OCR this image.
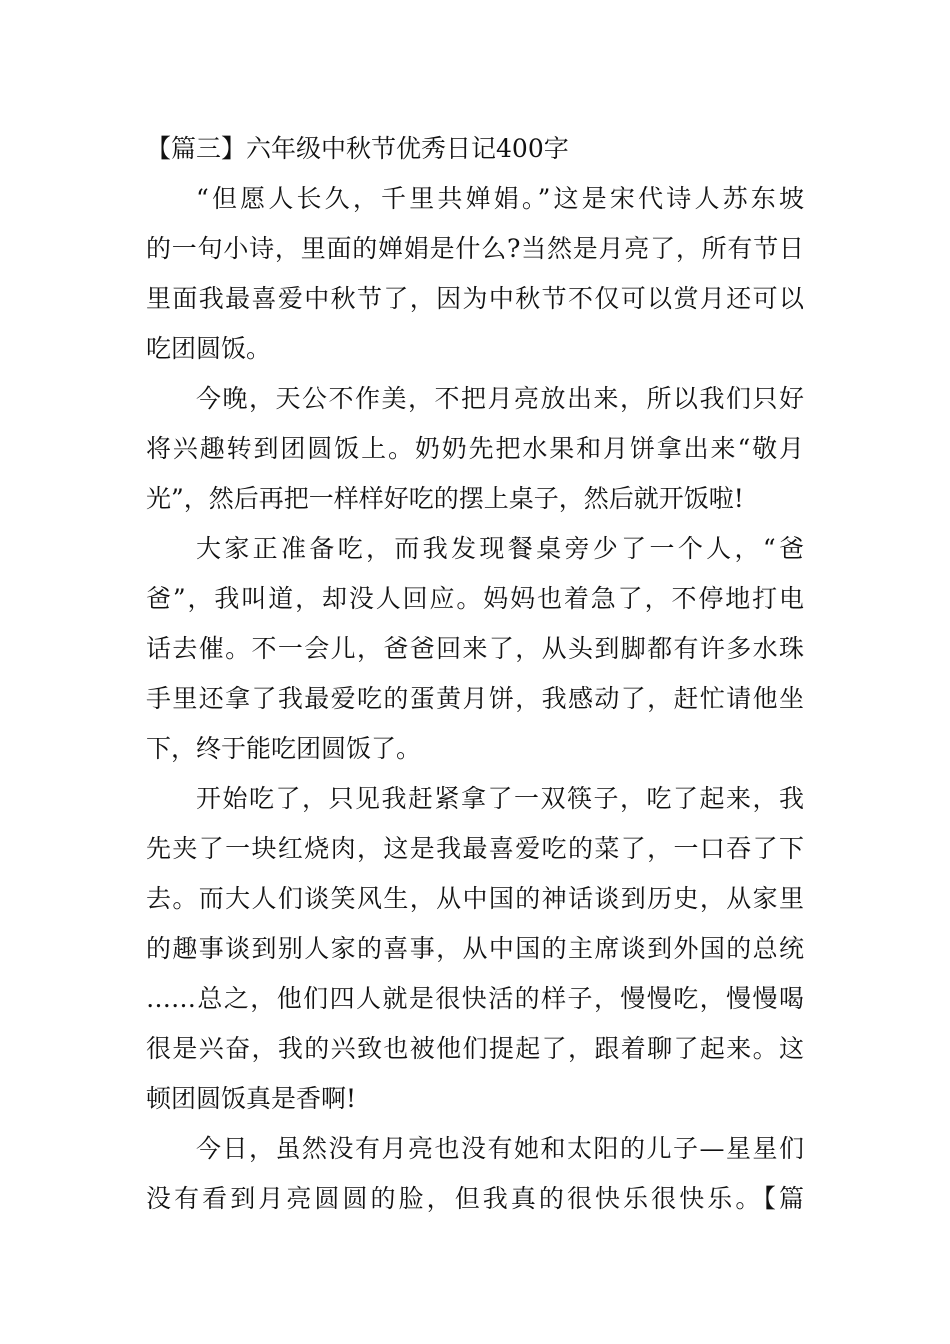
【篇三】六年级中秋节优秀日记400字
“但愿人长久，千里共婵娟。”这是宋代诗人苏东坡
的一句小诗，里面的婵娟是什么?当然是月亮了，所有节日
里面我最喜爱中秋节了，因为中秋节不仅可以赏月还可以
吃团圆饭。
今晚，天公不作美，不把月亮放出来，所以我们只好
将兴趣转到团圆饭上。奶奶先把水果和月饼拿出来“敬月
光”，然后再把一样样好吃的摆上桌子，然后就开饭啦!
大家正准备吃，而我发现餐桌旁少了一个人，“爸
爸”，我叫道，却没人回应。妈妈也着急了，不停地打电
话去催。不一会儿，爸爸回来了，从头到脚都有许多水珠
手里还拿了我最爱吃的蛋黄月饼，我感动了，赶忙请他坐
下，终于能吃团圆饭了。
开始吃了，只见我赶紧拿了一双筷子，吃了起来，我
先夹了一块红烧肉，这是我最喜爱吃的菜了，一口吞了下
去。而大人们谈笑风生，从中国的神话谈到历史，从家里
的趣事谈到别人家的喜事，从中国的主席谈到外国的总统
……总之，他们四人就是很快活的样子，慢慢吃，慢慢喝
很是兴奋，我的兴致也被他们提起了，跟着聊了起来。这
顿团圆饭真是香啊!
今日，虽然没有月亮也没有她和太阳的儿子—星星们
没有看到月亮圆圆的脸，但我真的很快乐很快乐。【篇
